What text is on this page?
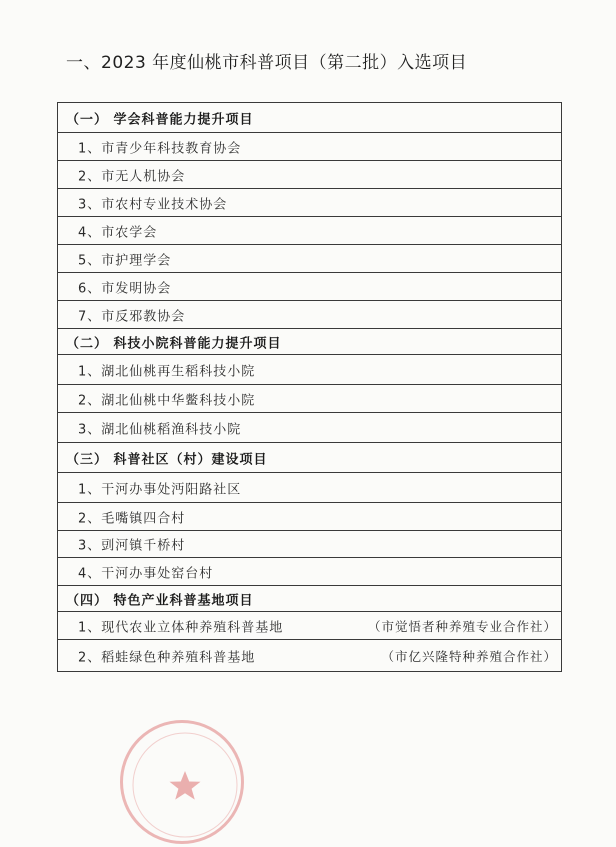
一、2023 年度仙桃市科普项目（第二批）入选项目
（一） 学会科普能力提升项目
1、市青少年科技教育协会
2、市无人机协会
3、市农村专业技术协会
4、市农学会
5、市护理学会
6、市发明协会
7、市反邪教协会
（二） 科技小院科普能力提升项目
1、湖北仙桃再生稻科技小院
2、湖北仙桃中华鳖科技小院
3、湖北仙桃稻渔科技小院
（三） 科普社区（村）建设项目
1、干河办事处沔阳路社区
2、毛嘴镇四合村
3、剅河镇千桥村
4、干河办事处窑台村
（四） 特色产业科普基地项目
1、现代农业立体种养殖科普基地	（市觉悟者种养殖专业合作社）
2、稻蛙绿色种养殖科普基地	（市亿兴隆特种养殖合作社）
